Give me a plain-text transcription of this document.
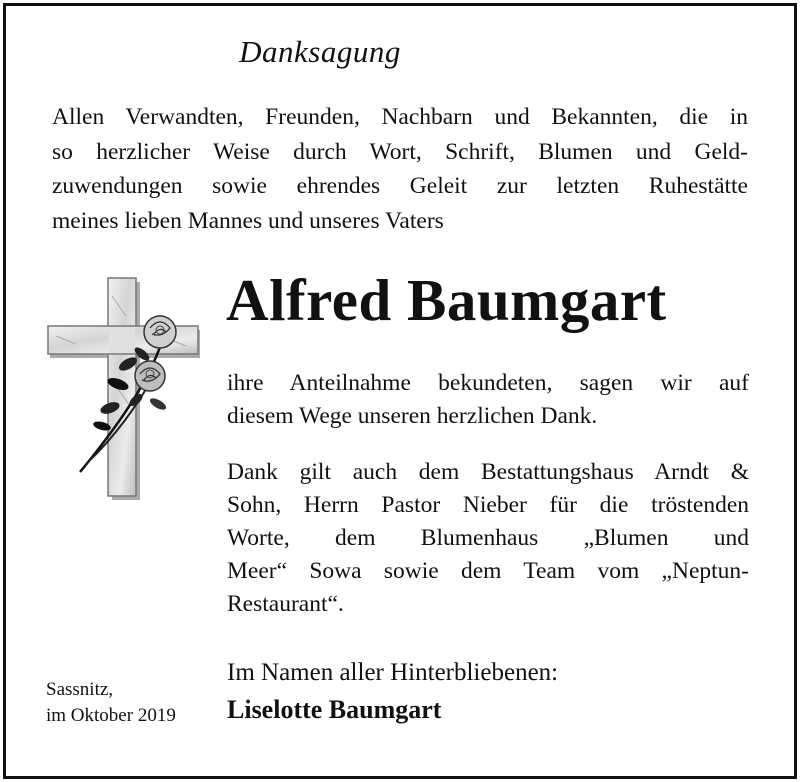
Danksagung
Allen Verwandten, Freunden, Nachbarn und Bekannten, die in
so herzlicher Weise durch Wort, Schrift, Blumen und Geld-
zuwendungen sowie ehrendes Geleit zur letzten Ruhestätte
meines lieben Mannes und unseres Vaters
Alfred Baumgart
ihre Anteilnahme bekundeten, sagen wir auf
diesem Wege unseren herzlichen Dank.
Dank gilt auch dem Bestattungshaus Arndt &
Sohn, Herrn Pastor Nieber für die tröstenden
Worte, dem Blumenhaus „Blumen und
Meer“ Sowa sowie dem Team vom „Neptun-
Restaurant“.
Sassnitz,
im Oktober 2019
Im Namen aller Hinterbliebenen:
Liselotte Baumgart
